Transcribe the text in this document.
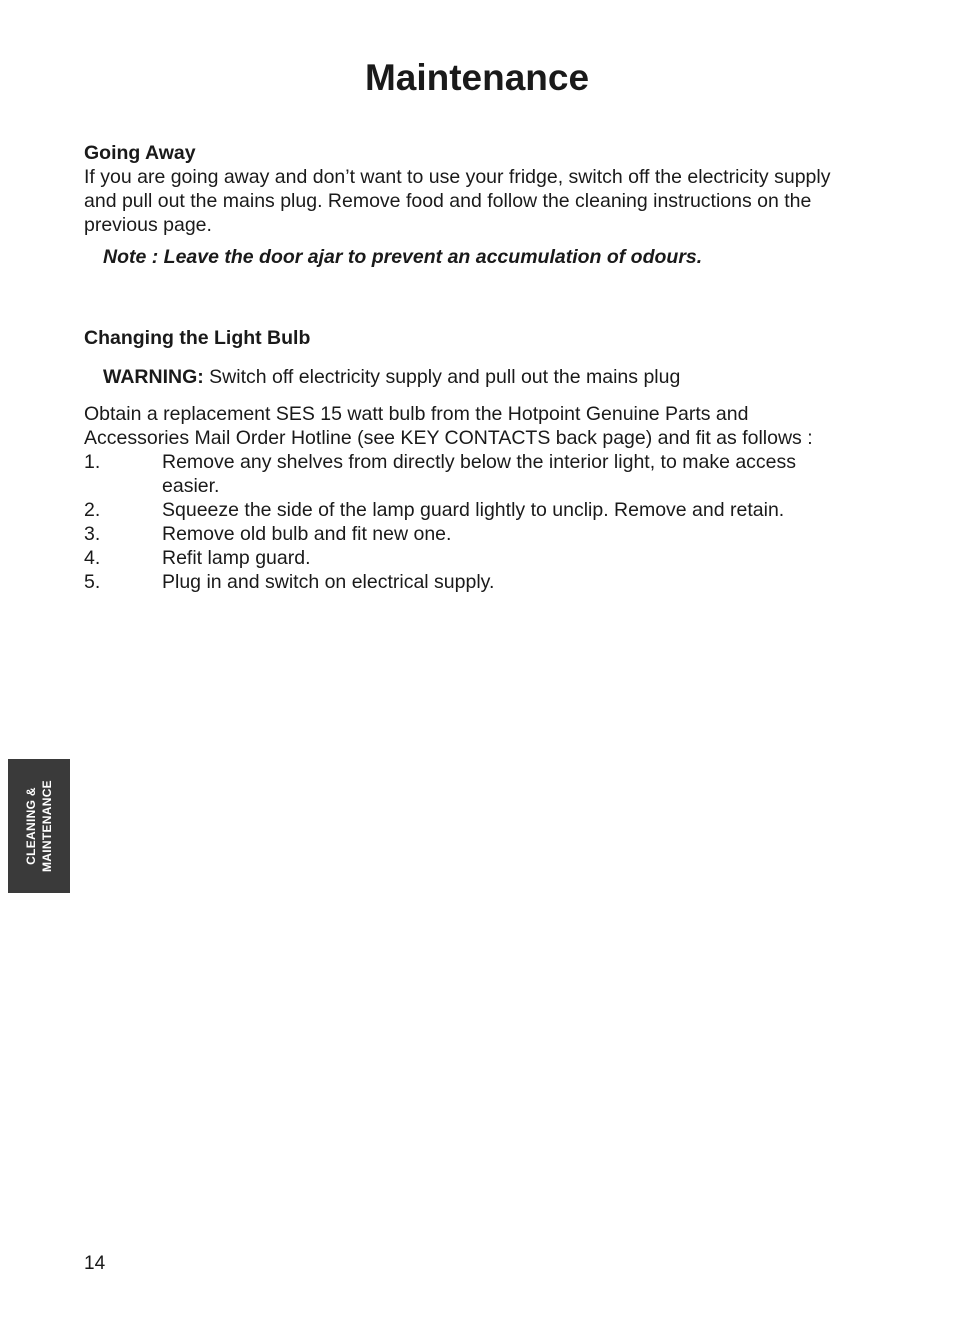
Maintenance

Going Away

If you are going away and don’t want to use your fridge, switch off the electricity supply and pull out the mains plug. Remove food and follow the cleaning instructions on the previous page.

Note : Leave the door ajar to prevent an accumulation of odours.

Changing the Light Bulb

WARNING: Switch off electricity supply and pull out the mains plug

Obtain a replacement SES 15 watt bulb from the Hotpoint Genuine Parts and Accessories Mail Order Hotline (see KEY CONTACTS back page) and fit as follows :

1.	Remove any shelves from directly below the interior light, to make access easier.
2.	Squeeze the side of the lamp guard lightly to unclip. Remove and retain.
3.	Remove old bulb and fit new one.
4.	Refit lamp guard.
5.	Plug in and switch on electrical supply.
CLEANING & MAINTENANCE
14
